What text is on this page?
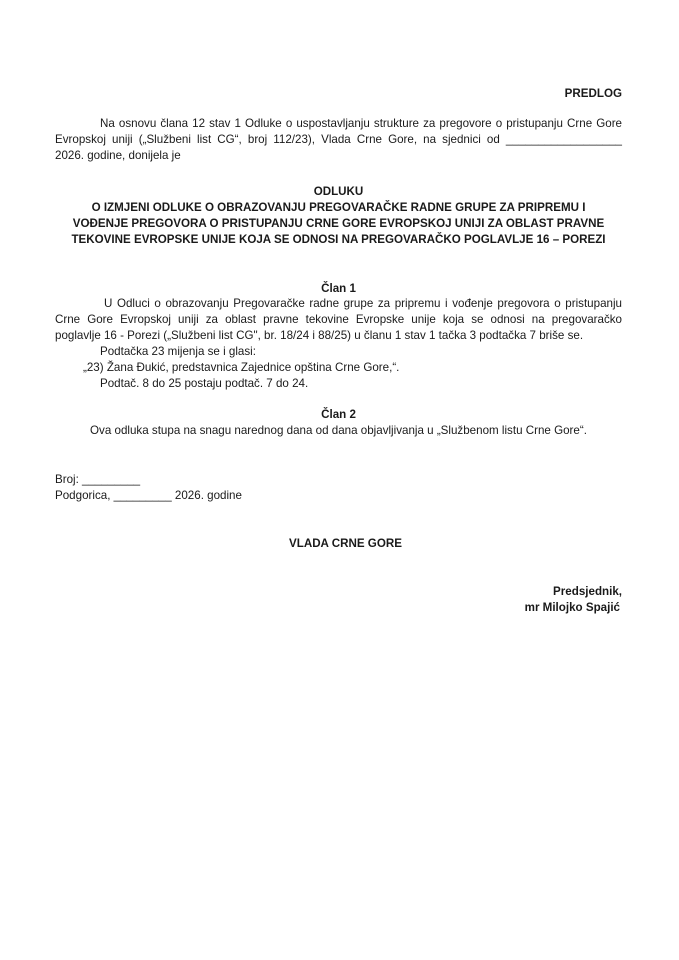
PREDLOG
Na osnovu člana 12 stav 1 Odluke o uspostavljanju strukture za pregovore o pristupanju Crne Gore
Evropskoj uniji („Službeni list CG“, broj 112/23), Vlada Crne Gore, na sjednici od __________________
2026. godine, donijela je
ODLUKU
O IZMJENI ODLUKE O OBRAZOVANJU PREGOVARAČKE RADNE GRUPE ZA PRIPREMU I
VOĐENJE PREGOVORA O PRISTUPANJU CRNE GORE EVROPSKOJ UNIJI ZA OBLAST PRAVNE
TEKOVINE EVROPSKE UNIJE KOJA SE ODNOSI NA PREGOVARAČKO POGLAVLJE 16 – POREZI
Član 1
U Odluci o obrazovanju Pregovaračke radne grupe za pripremu i vođenje pregovora o pristupanju
Crne Gore Evropskoj uniji za oblast pravne tekovine Evropske unije koja se odnosi na pregovaračko
poglavlje 16 - Porezi („Službeni list CG", br. 18/24 i 88/25) u članu 1 stav 1 tačka 3 podtačka 7 briše se.
Podtačka 23 mijenja se i glasi:
„23) Žana Đukić, predstavnica Zajednice opština Crne Gore,“.
Podtač. 8 do 25 postaju podtač. 7 do 24.
Član 2
Ova odluka stupa na snagu narednog dana od dana objavljivanja u „Službenom listu Crne Gore“.
Broj: _________
Podgorica, _________ 2026. godine
VLADA CRNE GORE
Predsjednik,
mr Milojko Spajić
